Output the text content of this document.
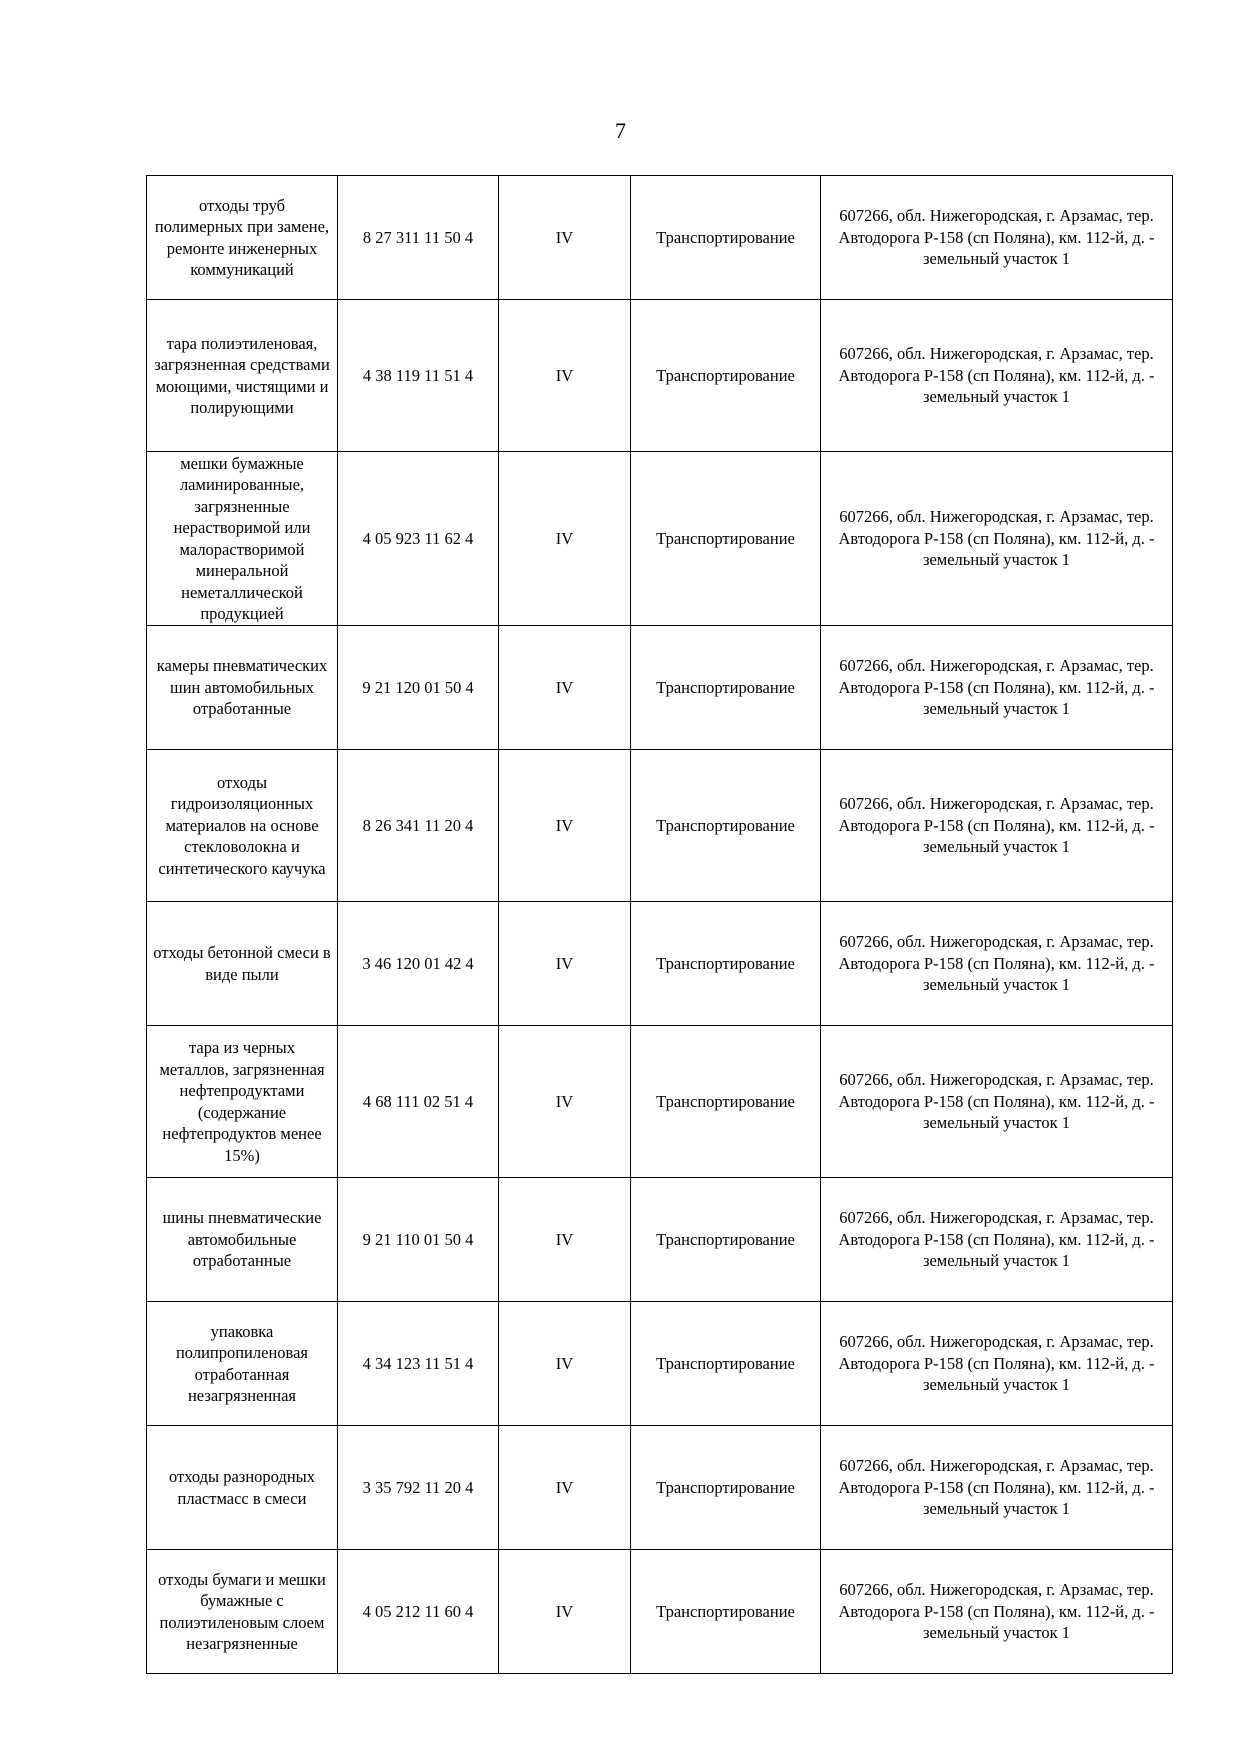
7
отходы труб полимерных при замене, ремонте инженерных коммуникаций	8 27 311 11 50 4	IV	Транспортирование	607266, обл. Нижегородская, г. Арзамас, тер. Автодорога Р-158 (сп Поляна), км. 112-й, д. - земельный участок 1
тара полиэтиленовая, загрязненная средствами моющими, чистящими и полирующими	4 38 119 11 51 4	IV	Транспортирование	607266, обл. Нижегородская, г. Арзамас, тер. Автодорога Р-158 (сп Поляна), км. 112-й, д. - земельный участок 1
мешки бумажные ламинированные, загрязненные нерастворимой или малорастворимой минеральной неметаллической продукцией	4 05 923 11 62 4	IV	Транспортирование	607266, обл. Нижегородская, г. Арзамас, тер. Автодорога Р-158 (сп Поляна), км. 112-й, д. - земельный участок 1
камеры пневматических шин автомобильных отработанные	9 21 120 01 50 4	IV	Транспортирование	607266, обл. Нижегородская, г. Арзамас, тер. Автодорога Р-158 (сп Поляна), км. 112-й, д. - земельный участок 1
отходы гидроизоляционных материалов на основе стекловолокна и синтетического каучука	8 26 341 11 20 4	IV	Транспортирование	607266, обл. Нижегородская, г. Арзамас, тер. Автодорога Р-158 (сп Поляна), км. 112-й, д. - земельный участок 1
отходы бетонной смеси в виде пыли	3 46 120 01 42 4	IV	Транспортирование	607266, обл. Нижегородская, г. Арзамас, тер. Автодорога Р-158 (сп Поляна), км. 112-й, д. - земельный участок 1
тара из черных металлов, загрязненная нефтепродуктами (содержание нефтепродуктов менее 15%)	4 68 111 02 51 4	IV	Транспортирование	607266, обл. Нижегородская, г. Арзамас, тер. Автодорога Р-158 (сп Поляна), км. 112-й, д. - земельный участок 1
шины пневматические автомобильные отработанные	9 21 110 01 50 4	IV	Транспортирование	607266, обл. Нижегородская, г. Арзамас, тер. Автодорога Р-158 (сп Поляна), км. 112-й, д. - земельный участок 1
упаковка полипропиленовая отработанная незагрязненная	4 34 123 11 51 4	IV	Транспортирование	607266, обл. Нижегородская, г. Арзамас, тер. Автодорога Р-158 (сп Поляна), км. 112-й, д. - земельный участок 1
отходы разнородных пластмасс в смеси	3 35 792 11 20 4	IV	Транспортирование	607266, обл. Нижегородская, г. Арзамас, тер. Автодорога Р-158 (сп Поляна), км. 112-й, д. - земельный участок 1
отходы бумаги и мешки бумажные с полиэтиленовым слоем незагрязненные	4 05 212 11 60 4	IV	Транспортирование	607266, обл. Нижегородская, г. Арзамас, тер. Автодорога Р-158 (сп Поляна), км. 112-й, д. - земельный участок 1
